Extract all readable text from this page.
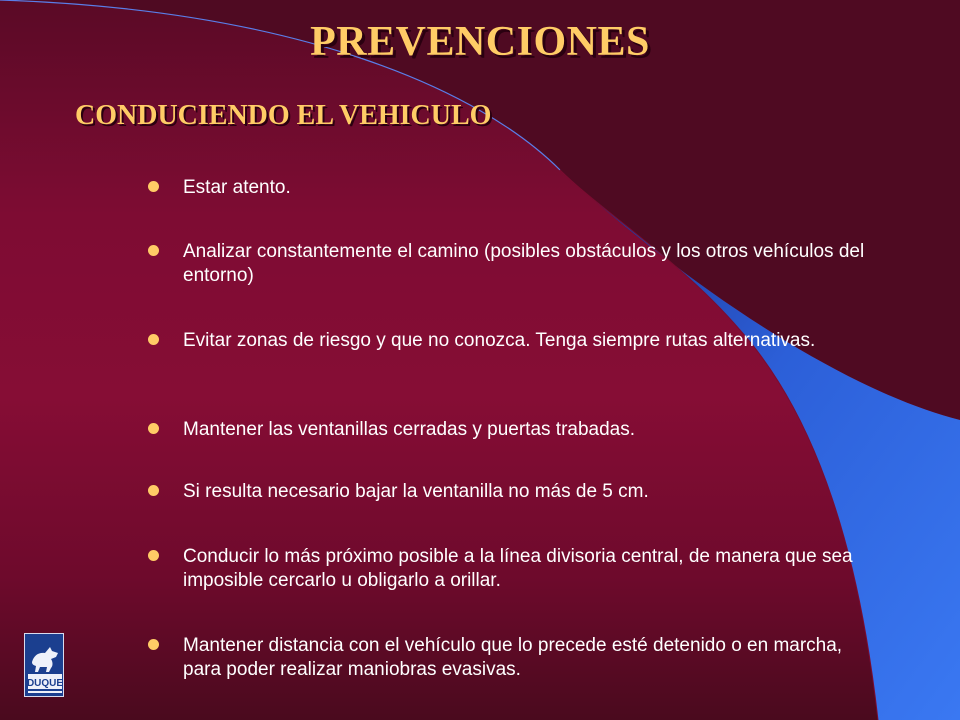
PREVENCIONES
CONDUCIENDO EL VEHICULO
Estar atento.
Analizar constantemente el camino (posibles obstáculos y los otros vehículos del entorno)
Evitar zonas de riesgo y que no conozca. Tenga siempre rutas alternativas.
Mantener las ventanillas cerradas y puertas trabadas.
Si resulta necesario bajar la ventanilla no más de 5 cm.
Conducir lo más próximo posible a la línea divisoria central, de manera que sea imposible cercarlo u obligarlo a orillar.
Mantener distancia con el vehículo que lo precede esté detenido o en marcha, para poder realizar maniobras evasivas.
DUQUE
